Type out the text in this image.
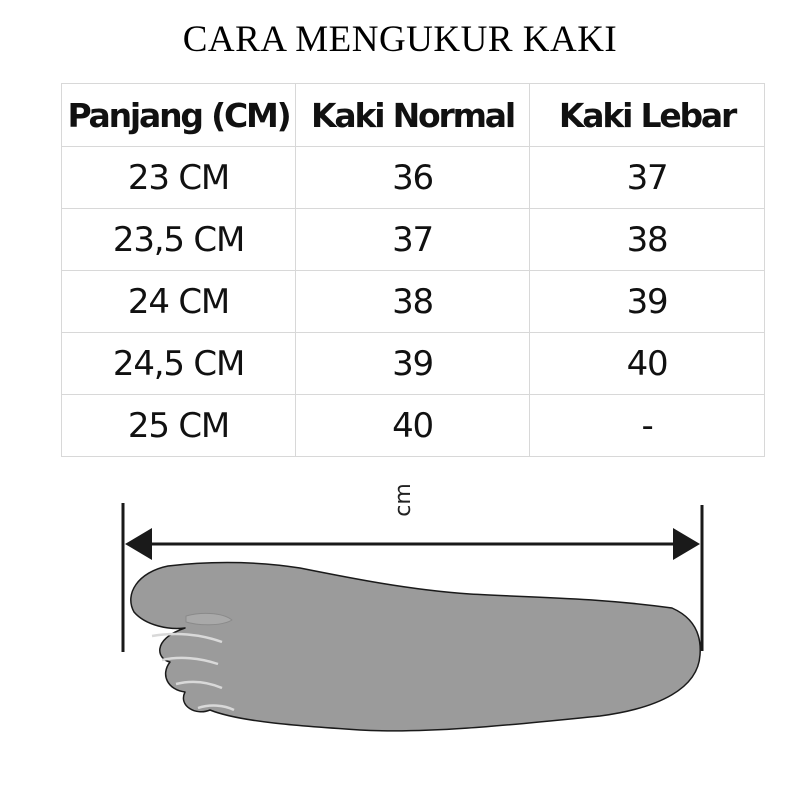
CARA MENGUKUR KAKI
Panjang (CM)	Kaki Normal	Kaki Lebar
23 CM	36	37
23,5 CM	37	38
24 CM	38	39
24,5 CM	39	40
25 CM	40	-
cm
